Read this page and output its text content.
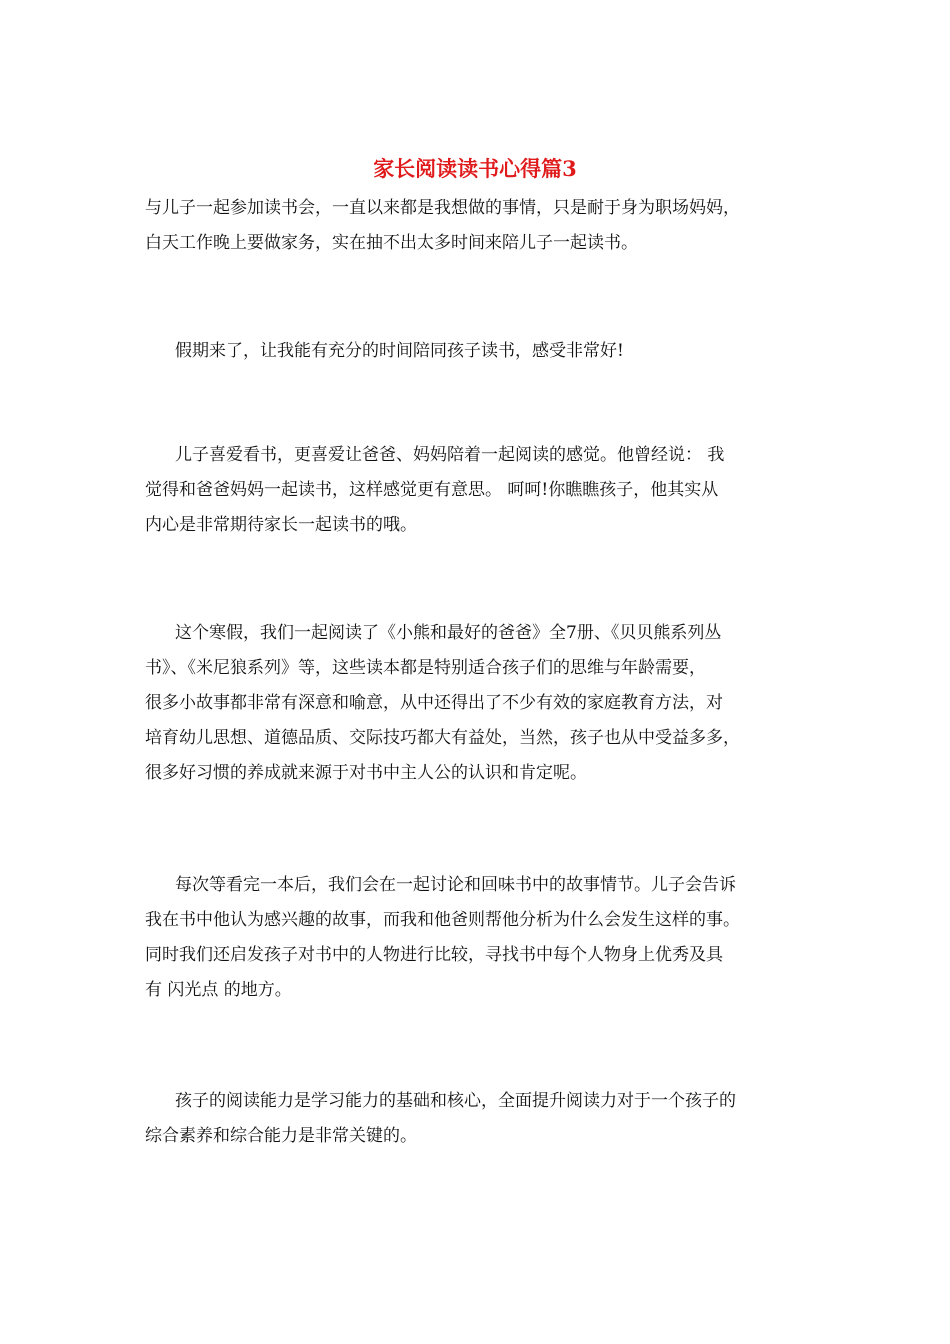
家长阅读读书心得篇3
与儿子一起参加读书会，一直以来都是我想做的事情，只是耐于身为职场妈妈，
白天工作晚上要做家务，实在抽不出太多时间来陪儿子一起读书。
假期来了，让我能有充分的时间陪同孩子读书，感受非常好!
儿子喜爱看书，更喜爱让爸爸、妈妈陪着一起阅读的感觉。他曾经说： 我
觉得和爸爸妈妈一起读书，这样感觉更有意思。 呵呵!你瞧瞧孩子，他其实从
内心是非常期待家长一起读书的哦。
这个寒假，我们一起阅读了《小熊和最好的爸爸》全7册、《贝贝熊系列丛
书》、《米尼狼系列》等，这些读本都是特别适合孩子们的思维与年龄需要，
很多小故事都非常有深意和喻意，从中还得出了不少有效的家庭教育方法，对
培育幼儿思想、道德品质、交际技巧都大有益处，当然，孩子也从中受益多多，
很多好习惯的养成就来源于对书中主人公的认识和肯定呢。
每次等看完一本后，我们会在一起讨论和回味书中的故事情节。儿子会告诉
我在书中他认为感兴趣的故事，而我和他爸则帮他分析为什么会发生这样的事。
同时我们还启发孩子对书中的人物进行比较，寻找书中每个人物身上优秀及具
有 闪光点 的地方。
孩子的阅读能力是学习能力的基础和核心，全面提升阅读力对于一个孩子的
综合素养和综合能力是非常关键的。
